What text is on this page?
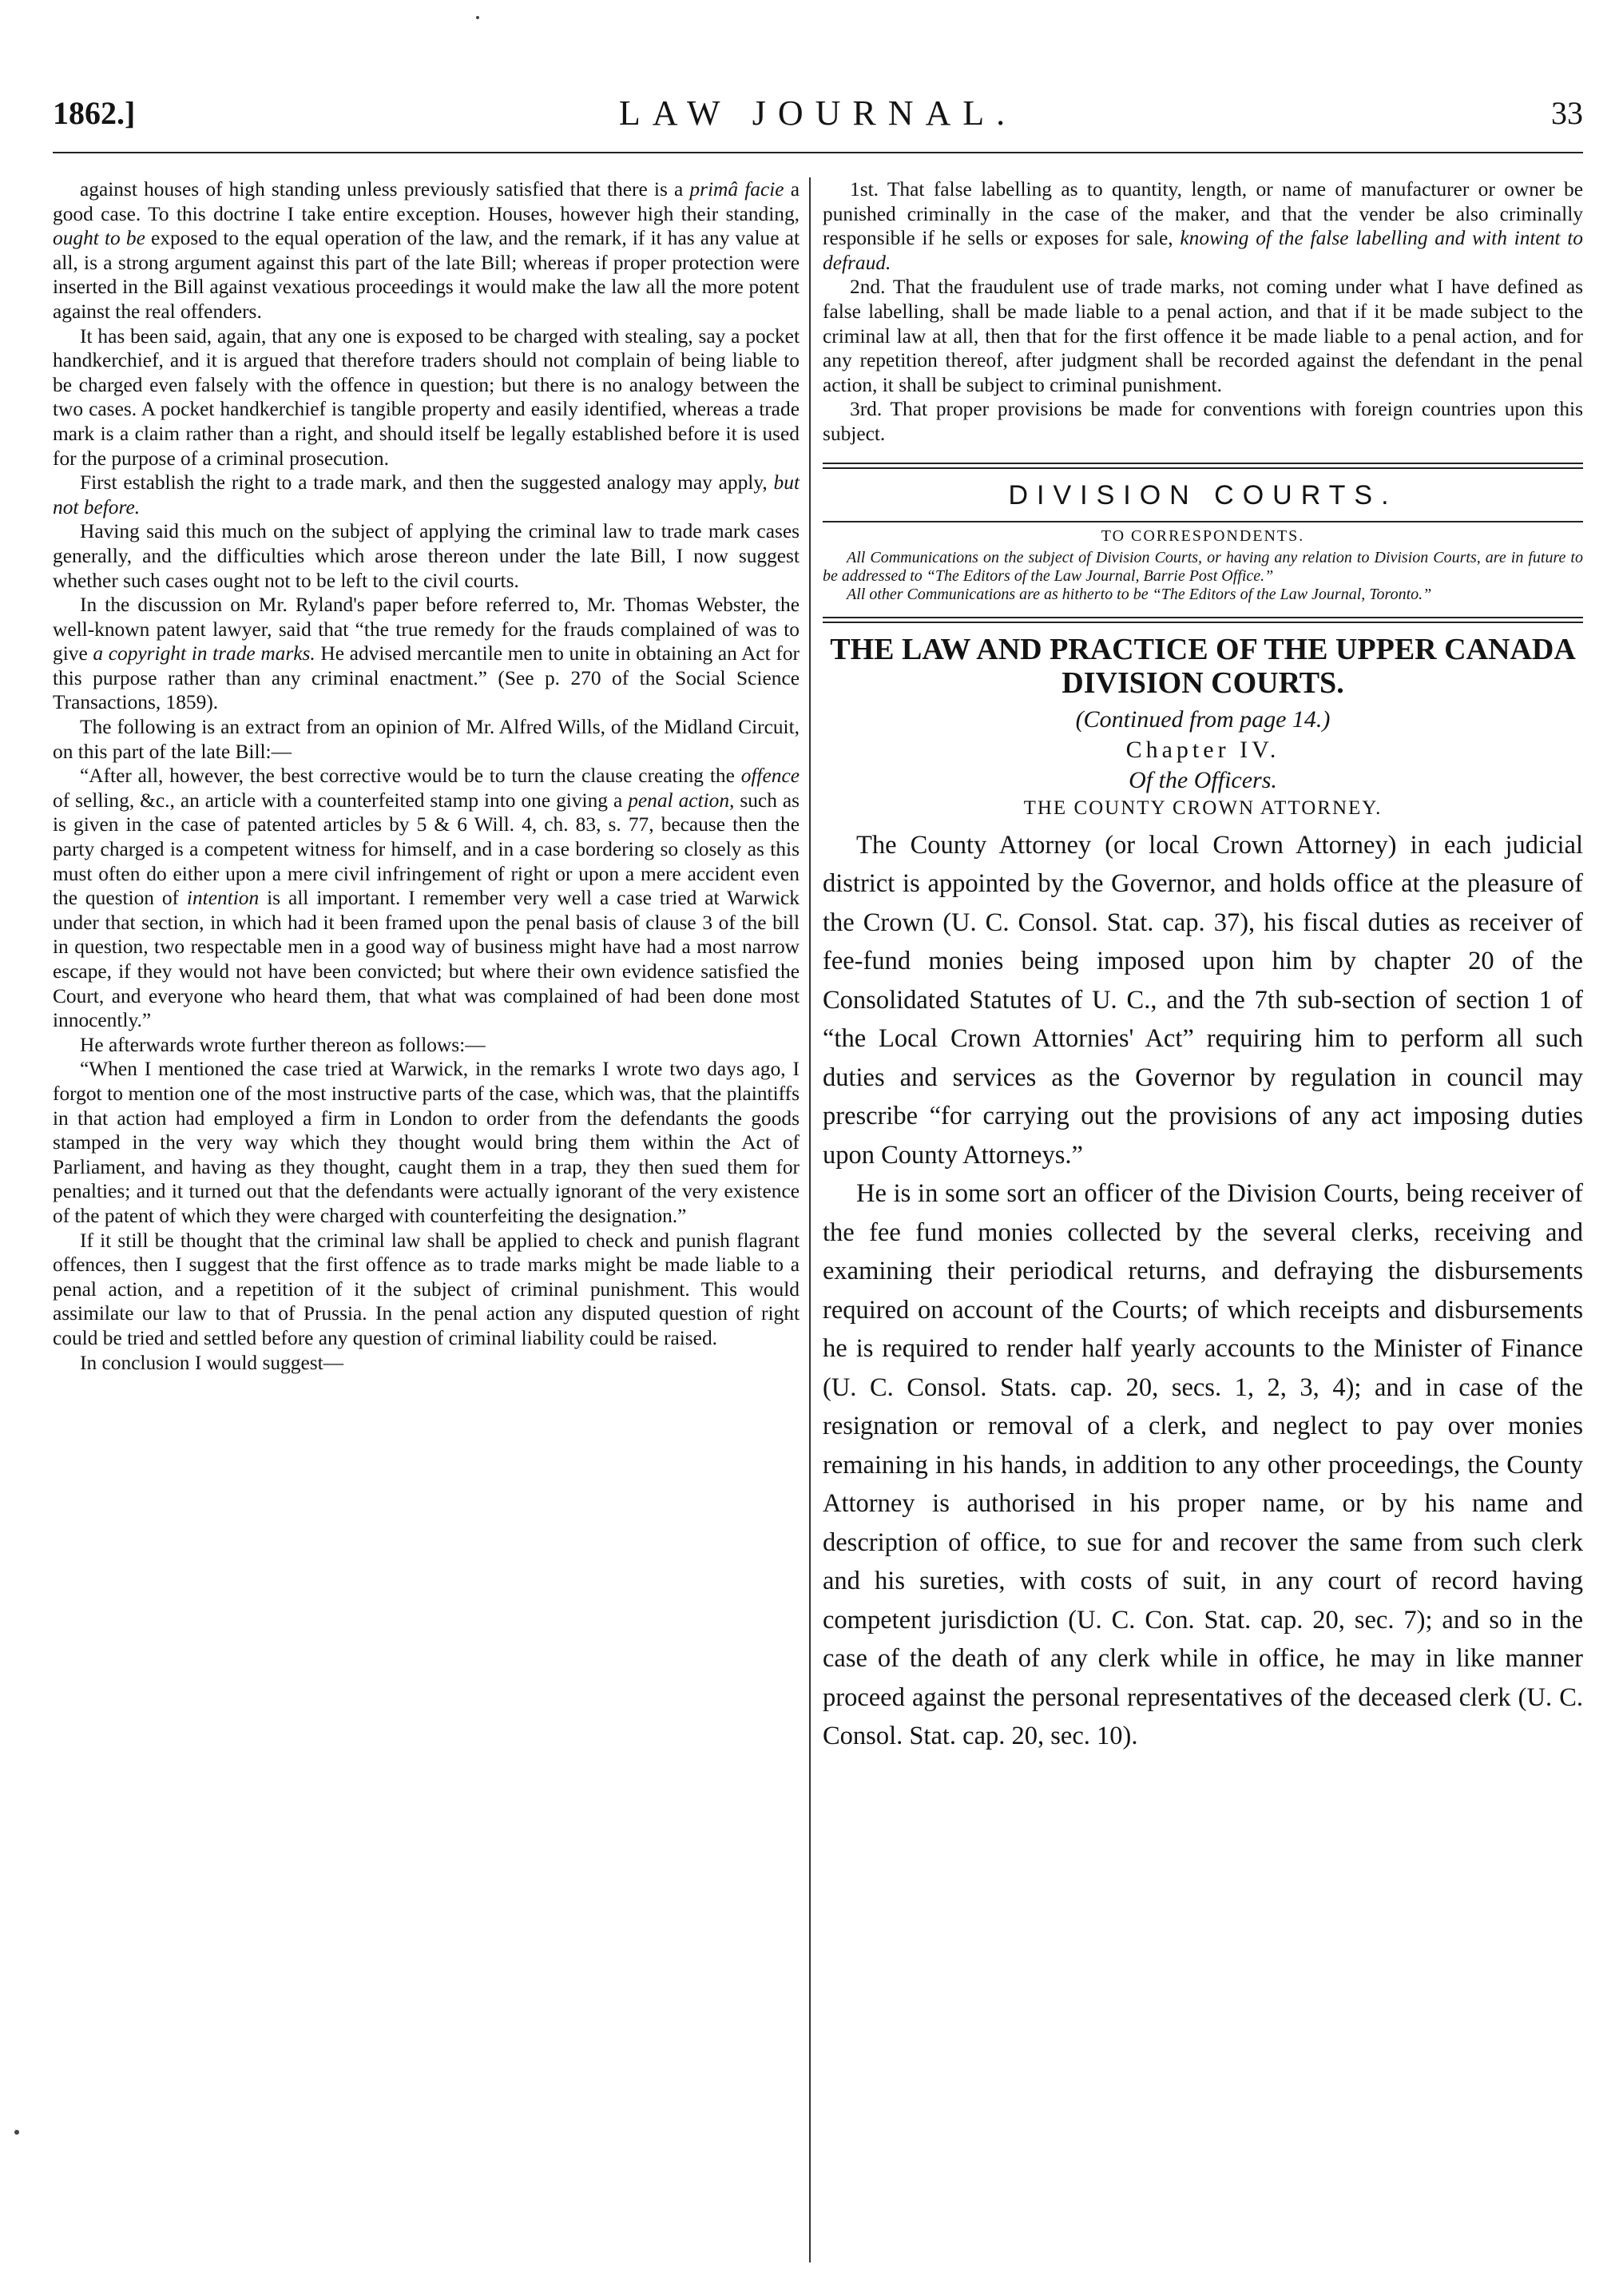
1862.]	LAW JOURNAL.	33

against houses of high standing unless previously satisfied that there is a primâ facie a good case. To this doctrine I take entire exception. Houses, however high their standing, ought to be exposed to the equal operation of the law, and the remark, if it has any value at all, is a strong argument against this part of the late Bill; whereas if proper protection were inserted in the Bill against vexatious proceedings it would make the law all the more potent against the real offenders.

It has been said, again, that any one is exposed to be charged with stealing, say a pocket handkerchief, and it is argued that therefore traders should not complain of being liable to be charged even falsely with the offence in question; but there is no analogy between the two cases. A pocket handkerchief is tangible property and easily identified, whereas a trade mark is a claim rather than a right, and should itself be legally established before it is used for the purpose of a criminal prosecution.

First establish the right to a trade mark, and then the suggested analogy may apply, but not before.

Having said this much on the subject of applying the criminal law to trade mark cases generally, and the difficulties which arose thereon under the late Bill, I now suggest whether such cases ought not to be left to the civil courts.

In the discussion on Mr. Ryland's paper before referred to, Mr. Thomas Webster, the well-known patent lawyer, said that “the true remedy for the frauds complained of was to give a copyright in trade marks. He advised mercantile men to unite in obtaining an Act for this purpose rather than any criminal enactment.” (See p. 270 of the Social Science Transactions, 1859).

The following is an extract from an opinion of Mr. Alfred Wills, of the Midland Circuit, on this part of the late Bill:—

“After all, however, the best corrective would be to turn the clause creating the offence of selling, &c., an article with a counterfeited stamp into one giving a penal action, such as is given in the case of patented articles by 5 & 6 Will. 4, ch. 83, s. 77, because then the party charged is a competent witness for himself, and in a case bordering so closely as this must often do either upon a mere civil infringement of right or upon a mere accident even the question of intention is all important. I remember very well a case tried at Warwick under that section, in which had it been framed upon the penal basis of clause 3 of the bill in question, two respectable men in a good way of business might have had a most narrow escape, if they would not have been convicted; but where their own evidence satisfied the Court, and everyone who heard them, that what was complained of had been done most innocently.”

He afterwards wrote further thereon as follows:—

“When I mentioned the case tried at Warwick, in the remarks I wrote two days ago, I forgot to mention one of the most instructive parts of the case, which was, that the plaintiffs in that action had employed a firm in London to order from the defendants the goods stamped in the very way which they thought would bring them within the Act of Parliament, and having as they thought, caught them in a trap, they then sued them for penalties; and it turned out that the defendants were actually ignorant of the very existence of the patent of which they were charged with counterfeiting the designation.”

If it still be thought that the criminal law shall be applied to check and punish flagrant offences, then I suggest that the first offence as to trade marks might be made liable to a penal action, and a repetition of it the subject of criminal punishment. This would assimilate our law to that of Prussia. In the penal action any disputed question of right could be tried and settled before any question of criminal liability could be raised.

In conclusion I would suggest—

1st. That false labelling as to quantity, length, or name of manufacturer or owner be punished criminally in the case of the maker, and that the vender be also criminally responsible if he sells or exposes for sale, knowing of the false labelling and with intent to defraud.

2nd. That the fraudulent use of trade marks, not coming under what I have defined as false labelling, shall be made liable to a penal action, and that if it be made subject to the criminal law at all, then that for the first offence it be made liable to a penal action, and for any repetition thereof, after judgment shall be recorded against the defendant in the penal action, it shall be subject to criminal punishment.

3rd. That proper provisions be made for conventions with foreign countries upon this subject.

DIVISION COURTS.

TO CORRESPONDENTS.

All Communications on the subject of Division Courts, or having any relation to Division Courts, are in future to be addressed to “The Editors of the Law Journal, Barrie Post Office.”

All other Communications are as hitherto to be “The Editors of the Law Journal, Toronto.”

THE LAW AND PRACTICE OF THE UPPER CANADA DIVISION COURTS.

(Continued from page 14.)

Chapter IV.

Of the Officers.

THE COUNTY CROWN ATTORNEY.

The County Attorney (or local Crown Attorney) in each judicial district is appointed by the Governor, and holds office at the pleasure of the Crown (U. C. Consol. Stat. cap. 37), his fiscal duties as receiver of fee-fund monies being imposed upon him by chapter 20 of the Consolidated Statutes of U. C., and the 7th sub-section of section 1 of “the Local Crown Attornies' Act” requiring him to perform all such duties and services as the Governor by regulation in council may prescribe “for carrying out the provisions of any act imposing duties upon County Attorneys.”

He is in some sort an officer of the Division Courts, being receiver of the fee fund monies collected by the several clerks, receiving and examining their periodical returns, and defraying the disbursements required on account of the Courts; of which receipts and disbursements he is required to render half yearly accounts to the Minister of Finance (U. C. Consol. Stats. cap. 20, secs. 1, 2, 3, 4); and in case of the resignation or removal of a clerk, and neglect to pay over monies remaining in his hands, in addition to any other proceedings, the County Attorney is authorised in his proper name, or by his name and description of office, to sue for and recover the same from such clerk and his sureties, with costs of suit, in any court of record having competent jurisdiction (U. C. Con. Stat. cap. 20, sec. 7); and so in the case of the death of any clerk while in office, he may in like manner proceed against the personal representatives of the deceased clerk (U. C. Consol. Stat. cap. 20, sec. 10).
